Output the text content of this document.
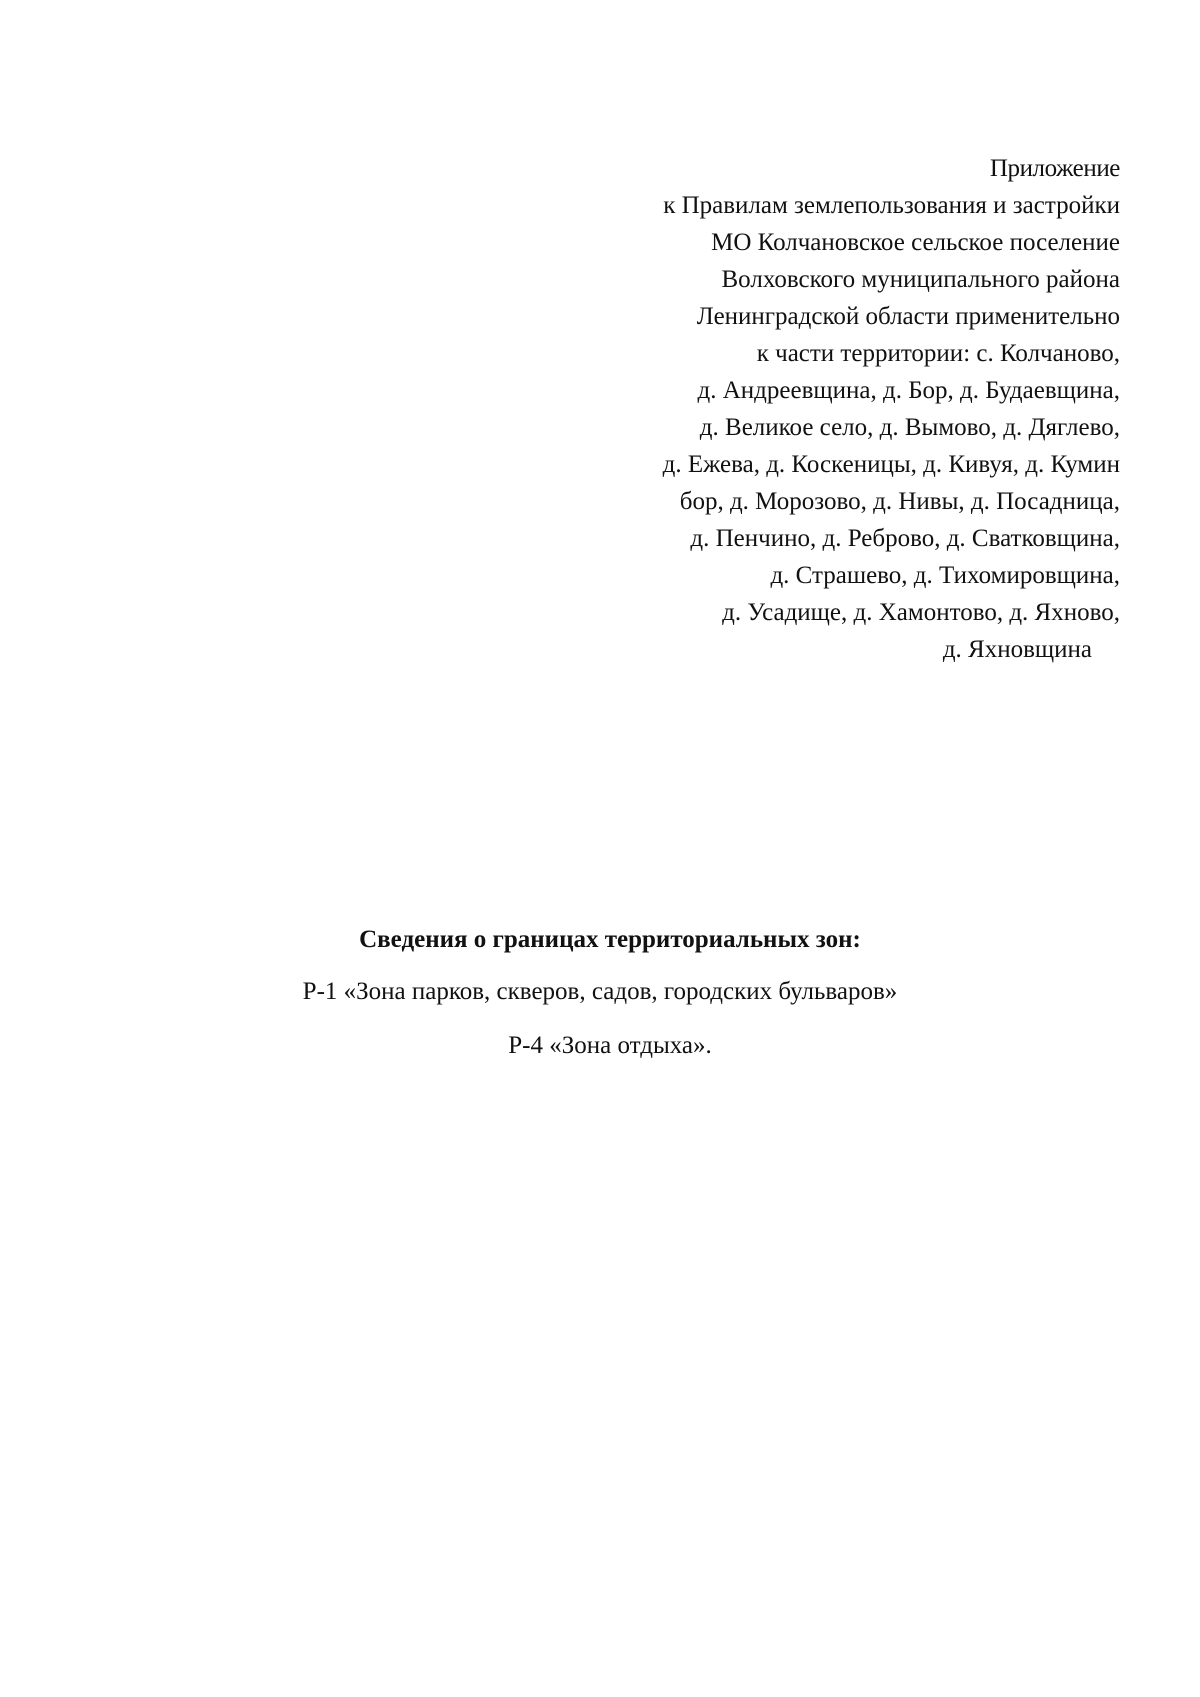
Приложение
к Правилам землепользования и застройки
МО Колчановское сельское поселение
Волховского муниципального района
Ленинградской области применительно
к части территории: с. Колчаново,
д. Андреевщина, д. Бор, д. Будаевщина,
д. Великое село, д. Вымово, д. Дяглево,
д. Ежева, д. Коскеницы, д. Кивуя, д. Кумин
бор, д. Морозово, д. Нивы, д. Посадница,
д. Пенчино, д. Реброво, д. Сватковщина,
д. Страшево, д. Тихомировщина,
д. Усадище, д. Хамонтово, д. Яхново,
д. Яхновщина

Сведения о границах территориальных зон:

Р-1 «Зона парков, скверов, садов, городских бульваров»
Р-4 «Зона отдыха».
